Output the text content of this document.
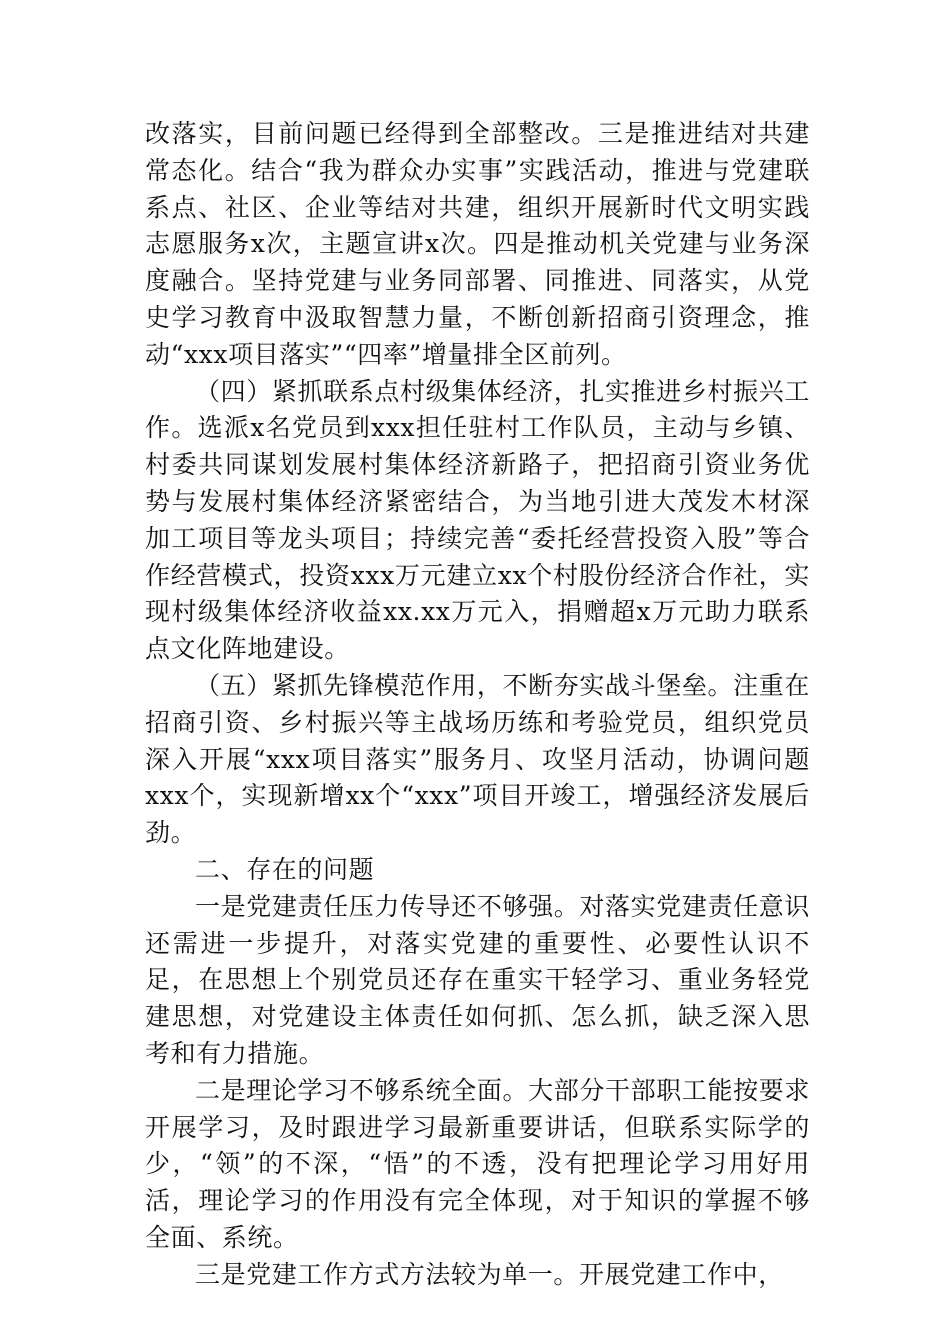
改落实，目前问题已经得到全部整改。三是推进结对共建常态化。结合“我为群众办实事”实践活动，推进与党建联系点、社区、企业等结对共建，组织开展新时代文明实践志愿服务x次，主题宣讲x次。四是推动机关党建与业务深度融合。坚持党建与业务同部署、同推进、同落实，从党史学习教育中汲取智慧力量，不断创新招商引资理念，推动“xxx项目落实”“四率”增量排全区前列。

（四）紧抓联系点村级集体经济，扎实推进乡村振兴工作。选派x名党员到xxx担任驻村工作队员，主动与乡镇、村委共同谋划发展村集体经济新路子，把招商引资业务优势与发展村集体经济紧密结合，为当地引进大茂发木材深加工项目等龙头项目；持续完善“委托经营投资入股”等合作经营模式，投资xxx万元建立xx个村股份经济合作社，实现村级集体经济收益xx.xx万元入，捐赠超x万元助力联系点文化阵地建设。

（五）紧抓先锋模范作用，不断夯实战斗堡垒。注重在招商引资、乡村振兴等主战场历练和考验党员，组织党员深入开展“xxx项目落实”服务月、攻坚月活动，协调问题xxx个，实现新增xx个“xxx”项目开竣工，增强经济发展后劲。

二、存在的问题

一是党建责任压力传导还不够强。对落实党建责任意识还需进一步提升，对落实党建的重要性、必要性认识不足，在思想上个别党员还存在重实干轻学习、重业务轻党建思想，对党建设主体责任如何抓、怎么抓，缺乏深入思考和有力措施。

二是理论学习不够系统全面。大部分干部职工能按要求开展学习，及时跟进学习最新重要讲话，但联系实际学的少，“领”的不深，“悟”的不透，没有把理论学习用好用活，理论学习的作用没有完全体现，对于知识的掌握不够全面、系统。

三是党建工作方式方法较为单一。开展党建工作中，
